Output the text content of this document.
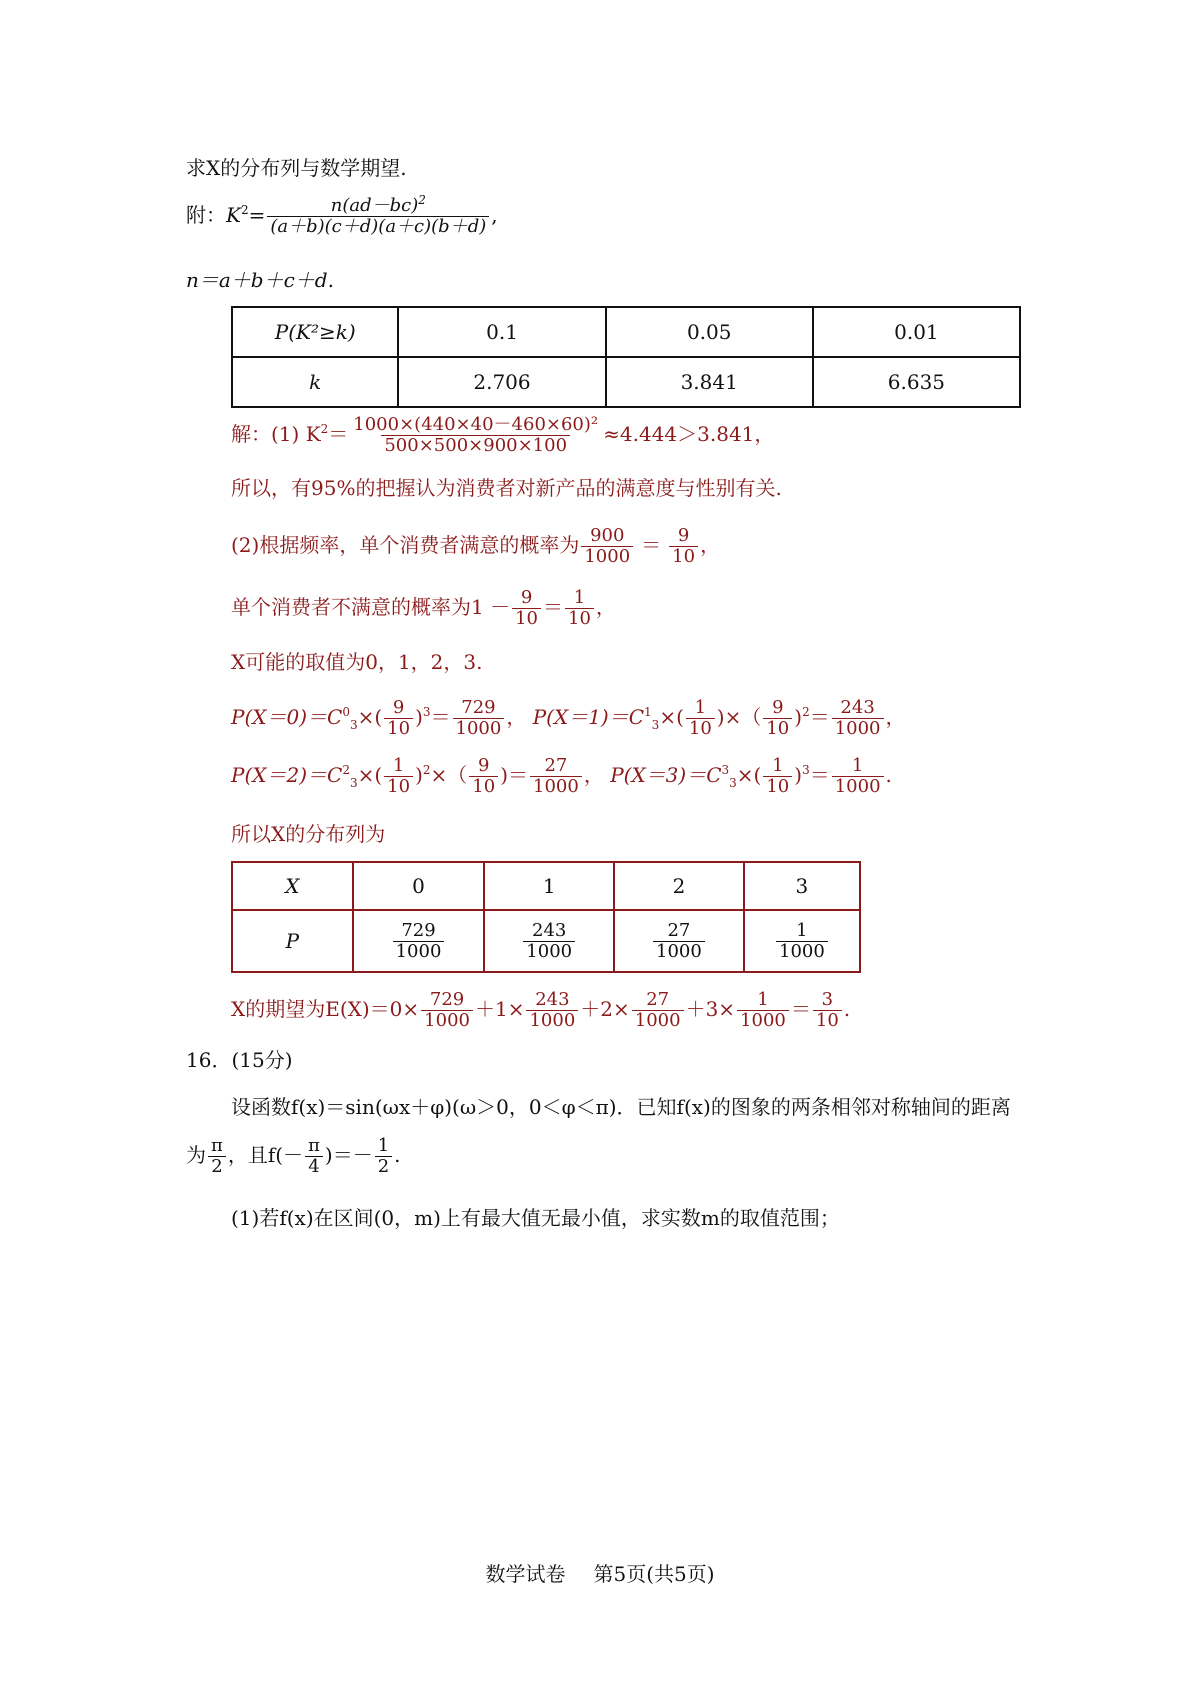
求X的分布列与数学期望.
附：$K^2= \frac{n(ad-bc)^2}{(a+b)(c+d)(a+c)(b+d)}$ ,
n＝a＋b＋c＋d.
P(K²≥k)	0.1	0.05	0.01
k	2.706	3.841	6.635
解：(1) $K^2= \frac{\text{1000×(440×40－460×60)²}}{500\times 500\times 900\times 100} \approx 4.444>3.841$，
所以，有95%的把握认为消费者对新产品的满意度与性别有关.
(2)根据频率，单个消费者满意的概率为 $\frac{900}{1000} = \frac{9}{10}$ ，
单个消费者不满意的概率为$1 - \frac{9}{10} = \frac{1}{10}$ ，
X可能的取值为0，1，2，3.
$P(X=0)=C^0_3\times( \frac{9}{10} )^3= \frac{729}{1000}$ ， $P(X=1)=C^1_3\times( \frac{1}{10}$ )×（ $\frac{9}{10} )^2= \frac{243}{1000}$ ，
$P(X=2)=C^2_3\times( \frac{1}{10} )^2\times( \frac{9}{10}$ )＝ $\frac{27}{1000}$ ， $P(X=3)=C^3_3\times( \frac{1}{10} )^3= \frac{1}{1000}$ .
所以X的分布列为
X	0	1	2	3
P	$\frac{729}{1000}$	$\frac{243}{1000}$	$\frac{27}{1000}$	$\frac{1}{1000}$
X的期望为$E(X)=0\times \frac{729}{1000} +1\times \frac{243}{1000} +2\times \frac{27}{1000} +3\times \frac{1}{1000} = \frac{3}{10}$ .
16．(15分)
设函数f(x)＝sin(ωx＋φ)(ω＞0，0＜φ＜π)．已知f(x)的图象的两条相邻对称轴间的距离
为 $\frac{\pi}{2}$ ，且$f(- \frac{\pi}{4}$ )＝－ $\frac{1}{2}$ .
(1)若f(x)在区间(0，m)上有最大值无最小值，求实数m的取值范围；
数学试卷 第5页(共5页)
